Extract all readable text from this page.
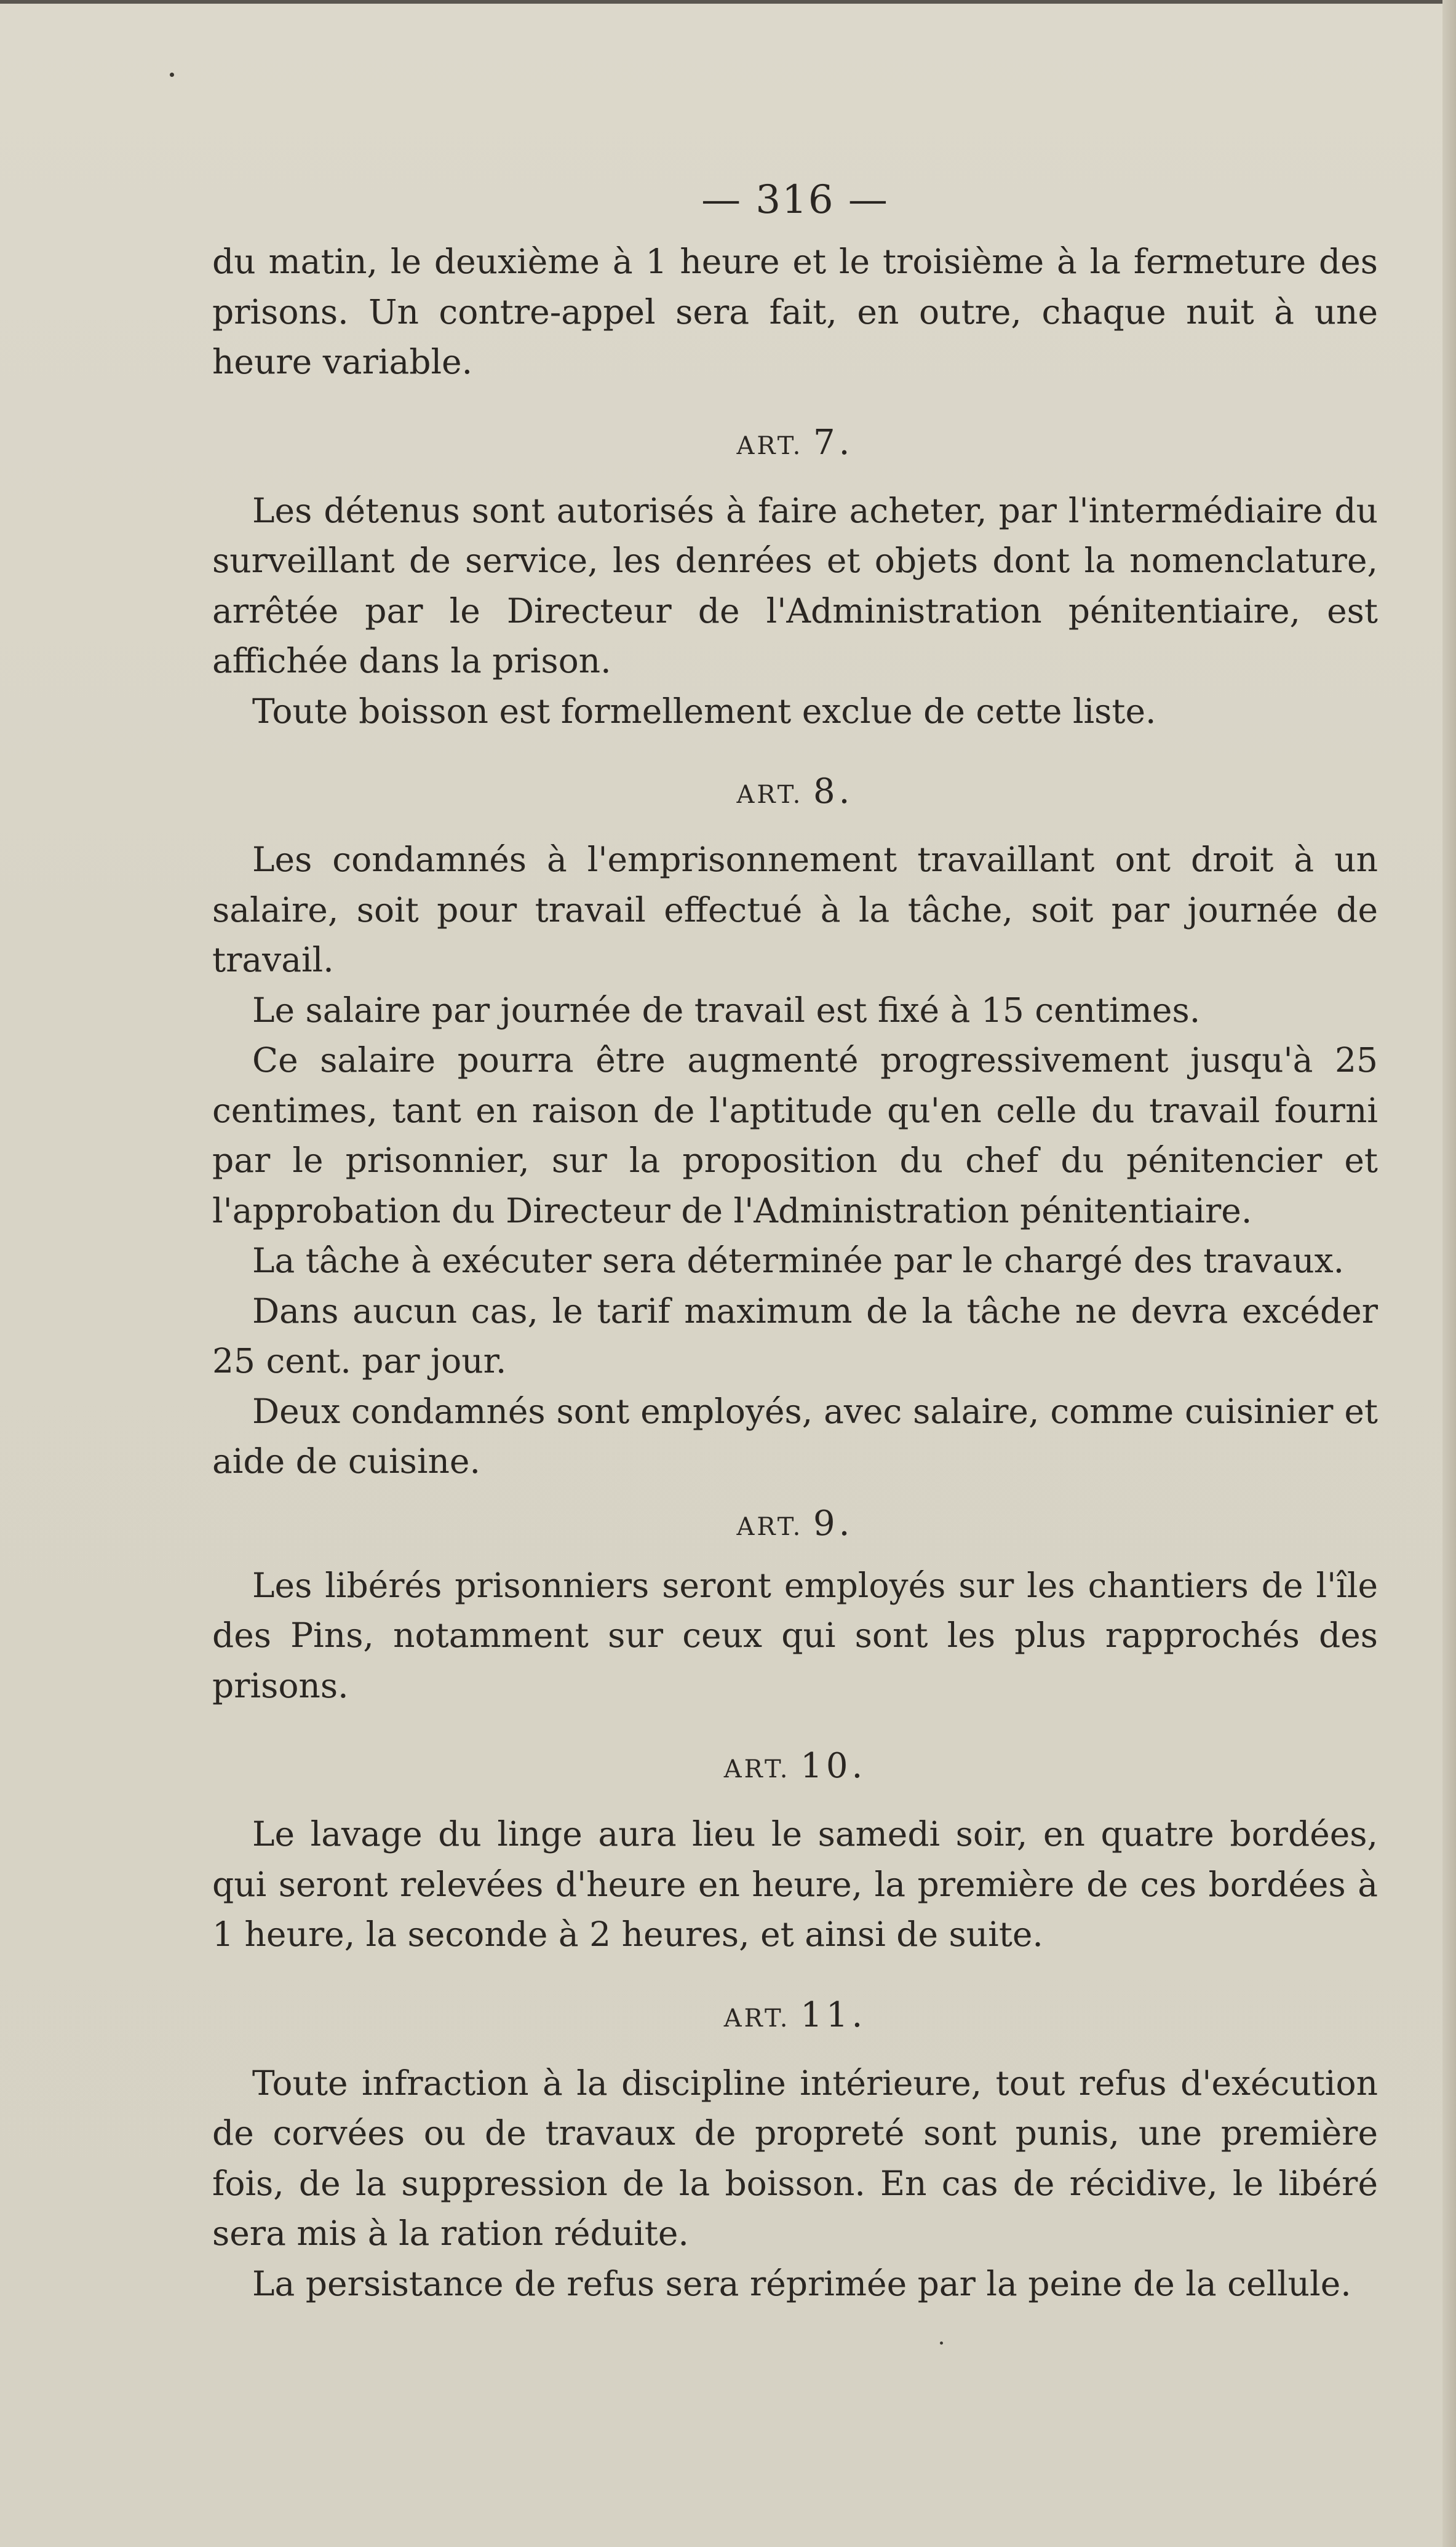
— 316 —

du matin, le deuxième à 1 heure et le troisième à la fermeture des prisons. Un contre-appel sera fait, en outre, chaque nuit à une heure variable.

ART. 7.

Les détenus sont autorisés à faire acheter, par l'intermédiaire du surveillant de service, les denrées et objets dont la nomenclature, arrêtée par le Directeur de l'Administration pénitentiaire, est affichée dans la prison.

Toute boisson est formellement exclue de cette liste.

ART. 8.

Les condamnés à l'emprisonnement travaillant ont droit à un salaire, soit pour travail effectué à la tâche, soit par journée de travail.

Le salaire par journée de travail est fixé à 15 centimes.

Ce salaire pourra être augmenté progressivement jusqu'à 25 centimes, tant en raison de l'aptitude qu'en celle du travail fourni par le prisonnier, sur la proposition du chef du pénitencier et l'approbation du Directeur de l'Administration pénitentiaire.

La tâche à exécuter sera déterminée par le chargé des travaux.

Dans aucun cas, le tarif maximum de la tâche ne devra excéder 25 cent. par jour.

Deux condamnés sont employés, avec salaire, comme cuisinier et aide de cuisine.

ART. 9.

Les libérés prisonniers seront employés sur les chantiers de l'île des Pins, notamment sur ceux qui sont les plus rapprochés des prisons.

ART. 10.

Le lavage du linge aura lieu le samedi soir, en quatre bordées, qui seront relevées d'heure en heure, la première de ces bordées à 1 heure, la seconde à 2 heures, et ainsi de suite.

ART. 11.

Toute infraction à la discipline intérieure, tout refus d'exécution de corvées ou de travaux de propreté sont punis, une première fois, de la suppression de la boisson. En cas de récidive, le libéré sera mis à la ration réduite.

La persistance de refus sera réprimée par la peine de la cellule.
